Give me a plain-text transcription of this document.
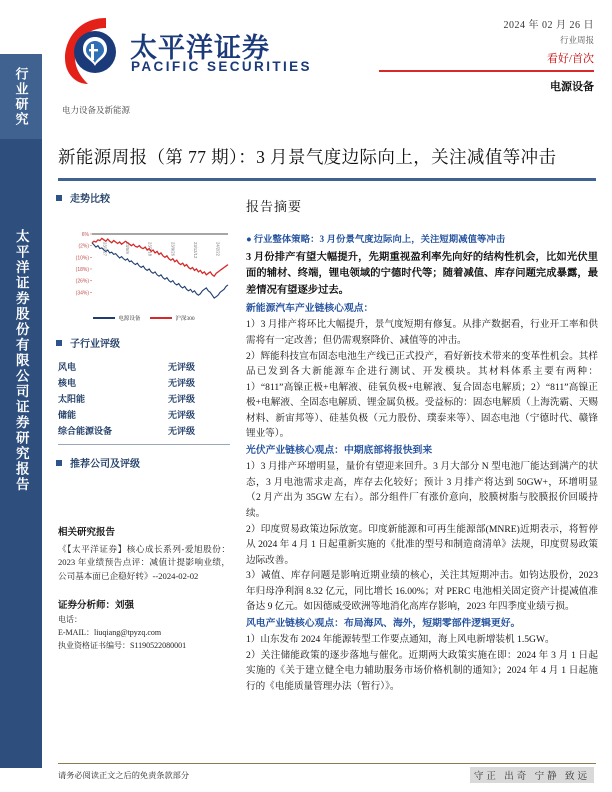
行业研究
太平洋证券股份有限公司证券研究报告
太平洋证券
PACIFIC SECURITIES
2024 年 02 月 26 日
行业周报
看好/首次
电源设备
电力设备及新能源
新能源周报（第 77 期）：3 月景气度边际向上，关注减值等冲击
走势比较
6%
(2%)
(10%)
(18%)
(26%)
(34%)
23/2/27	23/5/9	23/7/18	23/9/26	23/12/12	24/2/22
电源设备	沪深300
子行业评级
风电	无评级
核电	无评级
太阳能	无评级
储能	无评级
综合能源设备	无评级
推荐公司及评级
相关研究报告
《【太平洋证券】核心成长系列-爱旭股份：2023 年业绩预告点评：减值计提影响业绩，公司基本面已企稳好转》--2024-02-02
证券分析师：刘强
电话：
E-MAIL：liuqiang@tpyzq.com
执业资格证书编号：S1190522080001
报告摘要
● 行业整体策略：3 月份景气度边际向上，关注短期减值等冲击
3 月份排产有望大幅提升，先期重视盈利率先向好的结构性机会，比如光伏里面的辅材、终端，锂电领域的宁德时代等；随着减值、库存问题完成暴露，最差情况有望逐步过去。
新能源汽车产业链核心观点：
1）3 月排产将环比大幅提升，景气度短期有修复。从排产数据看，行业开工率和供需将有一定改善；但仍需观察降价、减值等的冲击。
2）辉能科技宣布固态电池生产线已正式投产，看好新技术带来的变革性机会。其样品已发到各大新能源车企进行测试、开发模块。其材料体系主要有两种：1）“811”高镍正极+电解液、硅氧负极+电解液、复合固态电解质；2）“811”高镍正极+电解液、全固态电解质、锂金属负极。受益标的：固态电解质（上海洗霸、天赐材料、新宙邦等）、硅基负极（元力股份、璞泰来等）、固态电池（宁德时代、赣锋锂业等）。
光伏产业链核心观点：中期底部将报快到来
1）3 月排产环增明显，量价有望迎来回升。3 月大部分 N 型电池厂能达到满产的状态，3 月电池需求走高，库存去化较好；预计 3 月排产将达到 50GW+，环增明显（2 月产出为 35GW 左右）。部分组件厂有涨价意向，胶膜树脂与胶膜报价回暖持续。
2）印度贸易政策边际放宽。印度新能源和可再生能源部(MNRE)近期表示，将暂停从 2024 年 4 月 1 日起重新实施的《批准的型号和制造商清单》法规，印度贸易政策边际改善。
3）减值、库存问题是影响近期业绩的核心，关注其短期冲击。如钧达股份，2023 年归母净利润 8.32 亿元，同比增长 16.00%；对 PERC 电池相关固定资产计提减值准备达 9 亿元。如因德威受欧洲等地消化高库存影响，2023 年四季度业绩亏损。
风电产业链核心观点：布局海风、海外，短期零部件逻辑更好。
1）山东发布 2024 年能源转型工作要点通知，海上风电新增装机 1.5GW。
2）关注储能政策的逐步落地与催化。近期两大政策实施在即：2024 年 3 月 1 日起实施的《关于建立健全电力辅助服务市场价格机制的通知》；2024 年 4 月 1 日起施行的《电能质量管理办法（暂行）》。
请务必阅读正文之后的免责条款部分	守正 出奇 宁静 致远
